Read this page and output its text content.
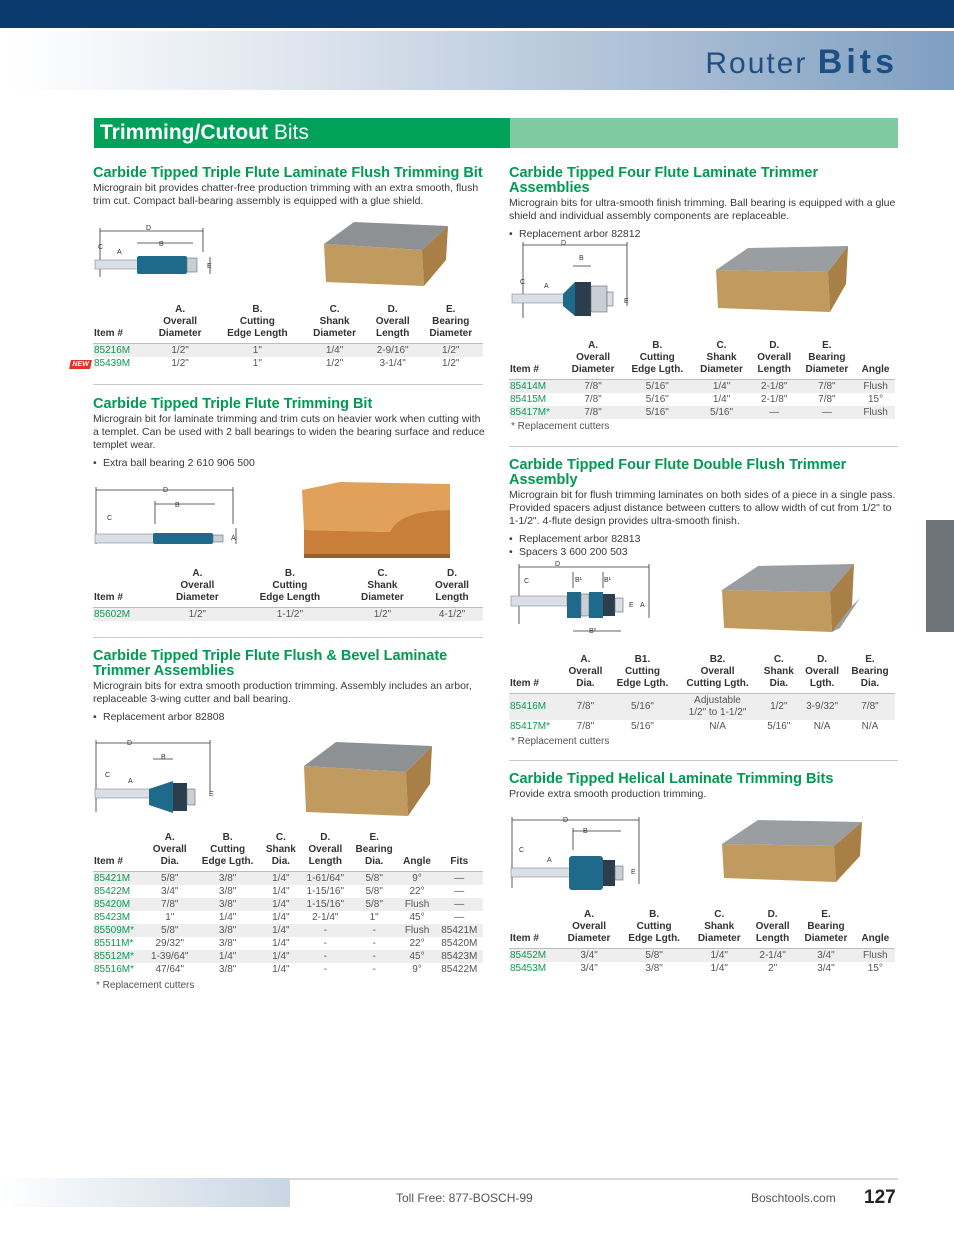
Router Bits
Trimming/Cutout Bits
Carbide Tipped Triple Flute Laminate Flush Trimming Bit
Micrograin bit provides chatter-free production trimming with an extra smooth, flush trim cut. Compact ball-bearing assembly is equipped with a glue shield.
D
B
C
A
E

Item #	A.
Overall
Diameter	B.
Cutting
Edge Length	C.
Shank
Diameter	D.
Overall
Length	E.
Bearing
Diameter
85216M	1/2"	1"	1/4"	2-9/16"	1/2"
85439M	1/2"	1"	1/2"	3-1/4"	1/2"
NEW
Carbide Tipped Triple Flute Trimming Bit
Micrograin bit for laminate trimming and trim cuts on heavier work when cutting with a templet. Can be used with 2 ball bearings to widen the bearing surface and reduce templet wear.
• Extra ball bearing 2 610 906 500
D
B
C
A

Item #	A.
Overall
Diameter	B.
Cutting
Edge Length	C.
Shank
Diameter	D.
Overall
Length
85602M	1/2"	1-1/2"	1/2"	4-1/2"
Carbide Tipped Triple Flute Flush & Bevel Laminate Trimmer Assemblies
Micrograin bits for extra smooth production trimming. Assembly includes an arbor, replaceable 3-wing cutter and ball bearing.
• Replacement arbor 82808
D
B
C
A
E

Item #	A.
Overall
Dia.	B.
Cutting
Edge Lgth.	C.
Shank
Dia.	D.
Overall
Length	E.
Bearing
Dia.	Angle	Fits
85421M	5/8"	3/8"	1/4"	1-61/64"	5/8"	9°	—
85422M	3/4"	3/8"	1/4"	1-15/16"	5/8"	22°	—
85420M	7/8"	3/8"	1/4"	1-15/16"	5/8"	Flush	—
85423M	1"	1/4"	1/4"	2-1/4"	1"	45°	—
85509M*	5/8"	3/8"	1/4"	-	-	Flush	85421M
85511M*	29/32"	3/8"	1/4"	-	-	22°	85420M
85512M*	1-39/64"	1/4"	1/4"	-	-	45°	85423M
85516M*	47/64"	3/8"	1/4"	-	-	9°	85422M
* Replacement cutters
Carbide Tipped Four Flute Laminate Trimmer Assemblies
Micrograin bits for ultra-smooth finish trimming. Ball bearing is equipped with a glue shield and individual assembly components are replaceable.
• Replacement arbor 82812
D
B
C
A
E

Item #	A.
Overall
Diameter	B.
Cutting
Edge Lgth.	C.
Shank
Diameter	D.
Overall
Length	E.
Bearing
Diameter	Angle
85414M	7/8"	5/16"	1/4"	2-1/8"	7/8"	Flush
85415M	7/8"	5/16"	1/4"	2-1/8"	7/8"	15°
85417M*	7/8"	5/16"	5/16"	—	—	Flush
* Replacement cutters
Carbide Tipped Four Flute Double Flush Trimmer Assembly
Micrograin bit for flush trimming laminates on both sides of a piece in a single pass. Provided spacers adjust distance between cutters to allow width of cut from 1/2" to 1-1/2". 4-flute design provides ultra-smooth finish.
• Replacement arbor 82813
• Spacers 3 600 200 503
D
C	B¹	B¹
E A
B²

Item #	A.
Overall
Dia.	B1.
Cutting
Edge Lgth.	B2.
Overall
Cutting Lgth.	C.
Shank
Dia.	D.
Overall
Lgth.	E.
Bearing
Dia.
85416M	7/8"	5/16"	Adjustable
1/2" to 1-1/2"	1/2"	3-9/32"	7/8"
85417M*	7/8"	5/16"	N/A	5/16"	N/A	N/A
* Replacement cutters
Carbide Tipped Helical Laminate Trimming Bits
Provide extra smooth production trimming.
D
B
C
A
E

Item #	A.
Overall
Diameter	B.
Cutting
Edge Lgth.	C.
Shank
Diameter	D.
Overall
Length	E.
Bearing
Diameter	Angle
85452M	3/4"	5/8"	1/4"	2-1/4"	3/4"	Flush
85453M	3/4"	3/8"	1/4"	2"	3/4"	15°
Toll Free: 877-BOSCH-99	Boschtools.com 127
